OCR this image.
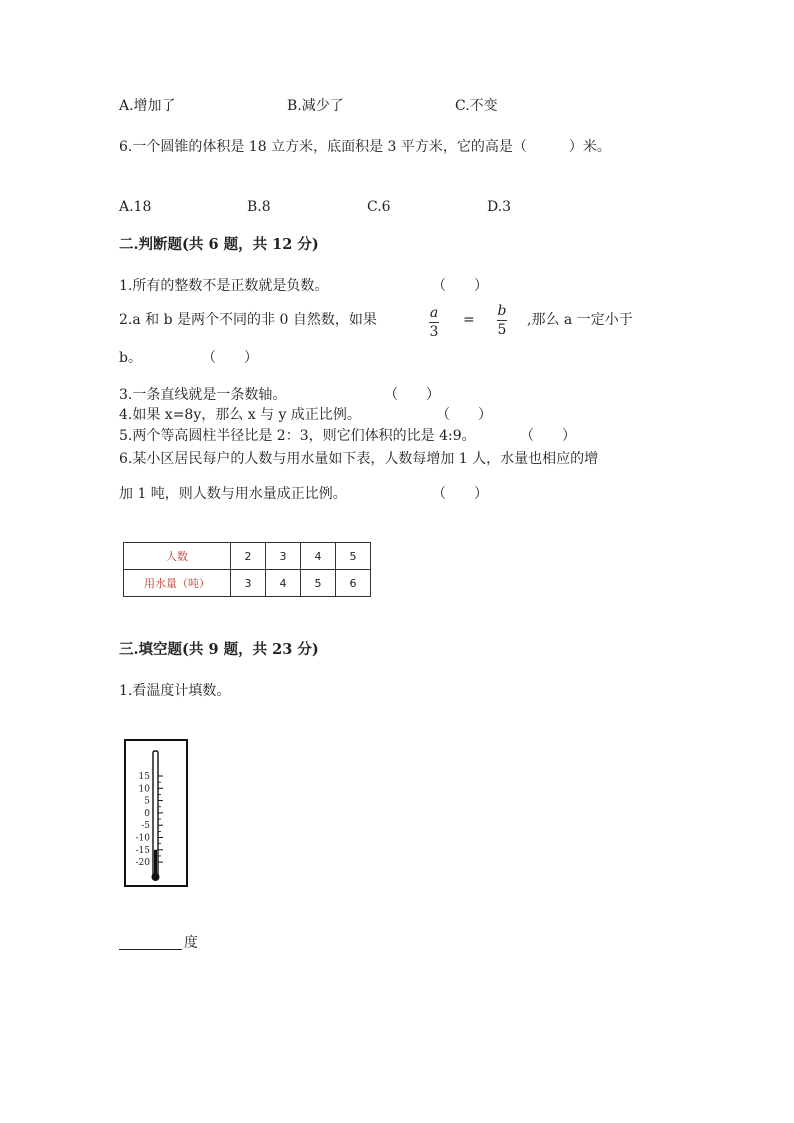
A.增加了	B.减少了	C.不变
6.一个圆锥的体积是 18 立方米，底面积是 3 平方米，它的高是（　　　）米。
A.18	B.8	C.6	D.3
二.判断题(共 6 题，共 12 分)
1.所有的整数不是正数就是负数。	（　　）
2.a 和 b 是两个不同的非 0 自然数，如果	a
3
=
b
5
,那么 a 一定小于
b。	（　　）
3.一条直线就是一条数轴。	（　　）
4.如果 x=8y，那么 x 与 y 成正比例。	（　　）
5.两个等高圆柱半径比是 2：3，则它们体积的比是 4:9。	（　　）
6.某小区居民每户的人数与用水量如下表，人数每增加 1 人，水量也相应的增
加 1 吨，则人数与用水量成正比例。	（　　）
人数	2	3	4	5
用水量（吨）	3	4	5	6
三.填空题(共 9 题，共 23 分)
1.看温度计填数。
15
10
5
0
-5
-10
-15
-20
度
